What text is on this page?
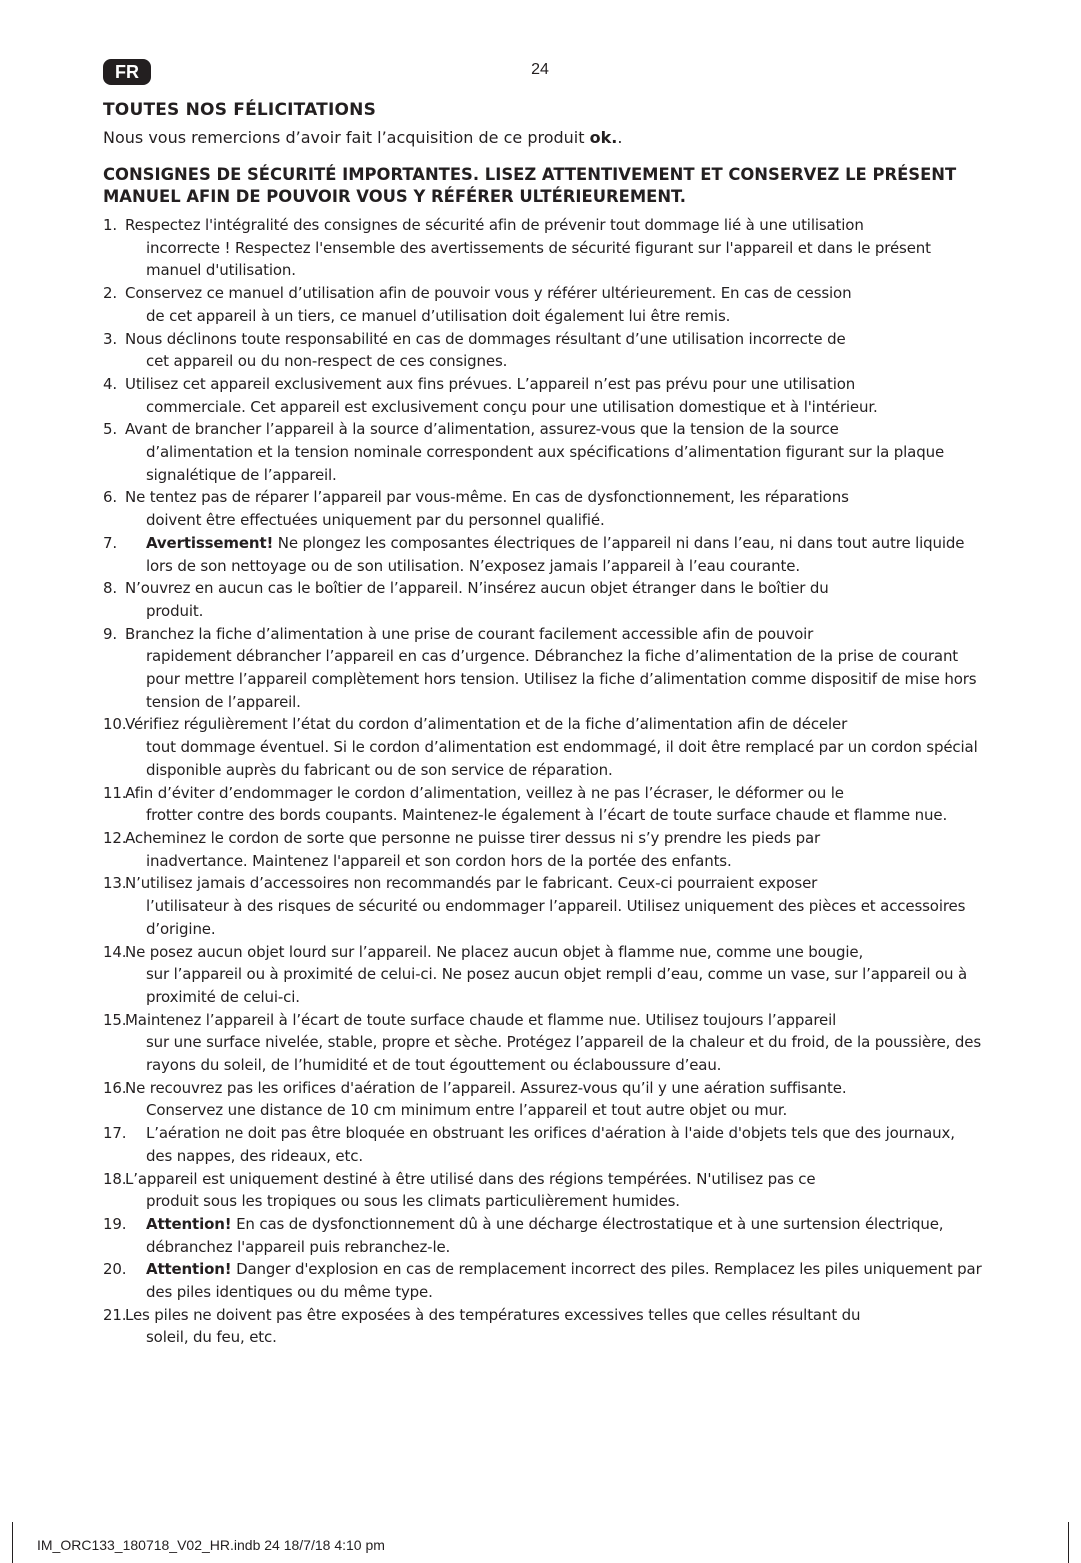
FR	24
TOUTES NOS FÉLICITATIONS

Nous vous remercions d’avoir fait l’acquisition de ce produit ok..

CONSIGNES DE SÉCURITÉ IMPORTANTES. LISEZ ATTENTIVEMENT ET CONSERVEZ LE PRÉSENT MANUEL AFIN DE POUVOIR VOUS Y RÉFÉRER ULTÉRIEUREMENT.
1. Respectez l'intégralité des consignes de sécurité afin de prévenir tout dommage lié à une utilisation
incorrecte ! Respectez l'ensemble des avertissements de sécurité figurant sur l'appareil et dans le présent manuel d'utilisation.
2. Conservez ce manuel d’utilisation afin de pouvoir vous y référer ultérieurement. En cas de cession
de cet appareil à un tiers, ce manuel d’utilisation doit également lui être remis.
3. Nous déclinons toute responsabilité en cas de dommages résultant d’une utilisation incorrecte de
cet appareil ou du non-respect de ces consignes.
4. Utilisez cet appareil exclusivement aux fins prévues. L’appareil n’est pas prévu pour une utilisation
commerciale. Cet appareil est exclusivement conçu pour une utilisation domestique et à l'intérieur.
5. Avant de brancher l’appareil à la source d’alimentation, assurez-vous que la tension de la source
d’alimentation et la tension nominale correspondent aux spécifications d’alimentation figurant sur la plaque signalétique de l’appareil.
6. Ne tentez pas de réparer l’appareil par vous-même. En cas de dysfonctionnement, les réparations
doivent être effectuées uniquement par du personnel qualifié.
7. Avertissement! Ne plongez les composantes électriques de l’appareil ni dans l’eau, ni dans tout autre liquide lors de son nettoyage ou de son utilisation. N’exposez jamais l’appareil à l’eau courante.
8. N’ouvrez en aucun cas le boîtier de l’appareil. N’insérez aucun objet étranger dans le boîtier du
produit.
9. Branchez la fiche d’alimentation à une prise de courant facilement accessible afin de pouvoir
rapidement débrancher l’appareil en cas d’urgence. Débranchez la fiche d’alimentation de la prise de courant pour mettre l’appareil complètement hors tension. Utilisez la fiche d’alimentation comme dispositif de mise hors tension de l’appareil.
10.
Vérifiez régulièrement l’état du cordon d’alimentation et de la fiche d’alimentation afin de déceler
tout dommage éventuel. Si le cordon d’alimentation est endommagé, il doit être remplacé par un cordon spécial disponible auprès du fabricant ou de son service de réparation.
11.
Afin d’éviter d’endommager le cordon d’alimentation, veillez à ne pas l’écraser, le déformer ou le
frotter contre des bords coupants. Maintenez-le également à l’écart de toute surface chaude et flamme nue.
12.
Acheminez le cordon de sorte que personne ne puisse tirer dessus ni s’y prendre les pieds par
inadvertance. Maintenez l'appareil et son cordon hors de la portée des enfants.
13.
N’utilisez jamais d’accessoires non recommandés par le fabricant. Ceux-ci pourraient exposer
l’utilisateur à des risques de sécurité ou endommager l’appareil. Utilisez uniquement des pièces et accessoires d’origine.
14.
Ne posez aucun objet lourd sur l’appareil. Ne placez aucun objet à flamme nue, comme une bougie,
sur l’appareil ou à proximité de celui-ci. Ne posez aucun objet rempli d’eau, comme un vase, sur l’appareil ou à proximité de celui-ci.
15.
Maintenez l’appareil à l’écart de toute surface chaude et flamme nue. Utilisez toujours l’appareil
sur une surface nivelée, stable, propre et sèche. Protégez l’appareil de la chaleur et du froid, de la poussière, des rayons du soleil, de l’humidité et de tout égouttement ou éclaboussure d’eau.
16.
Ne recouvrez pas les orifices d'aération de l’appareil. Assurez-vous qu’il y une aération suffisante.
Conservez une distance de 10 cm minimum entre l’appareil et tout autre objet ou mur.
17. L’aération ne doit pas être bloquée en obstruant les orifices d'aération à l'aide d'objets tels que des journaux, des nappes, des rideaux, etc.
18.
L’appareil est uniquement destiné à être utilisé dans des régions tempérées. N'utilisez pas ce
produit sous les tropiques ou sous les climats particulièrement humides.
19. Attention! En cas de dysfonctionnement dû à une décharge électrostatique et à une surtension électrique, débranchez l'appareil puis rebranchez-le.
20. Attention! Danger d'explosion en cas de remplacement incorrect des piles. Remplacez les piles uniquement par des piles identiques ou du même type.
21.
Les piles ne doivent pas être exposées à des températures excessives telles que celles résultant du
soleil, du feu, etc.
IM_ORC133_180718_V02_HR.indb 24 18/7/18 4:10 pm
